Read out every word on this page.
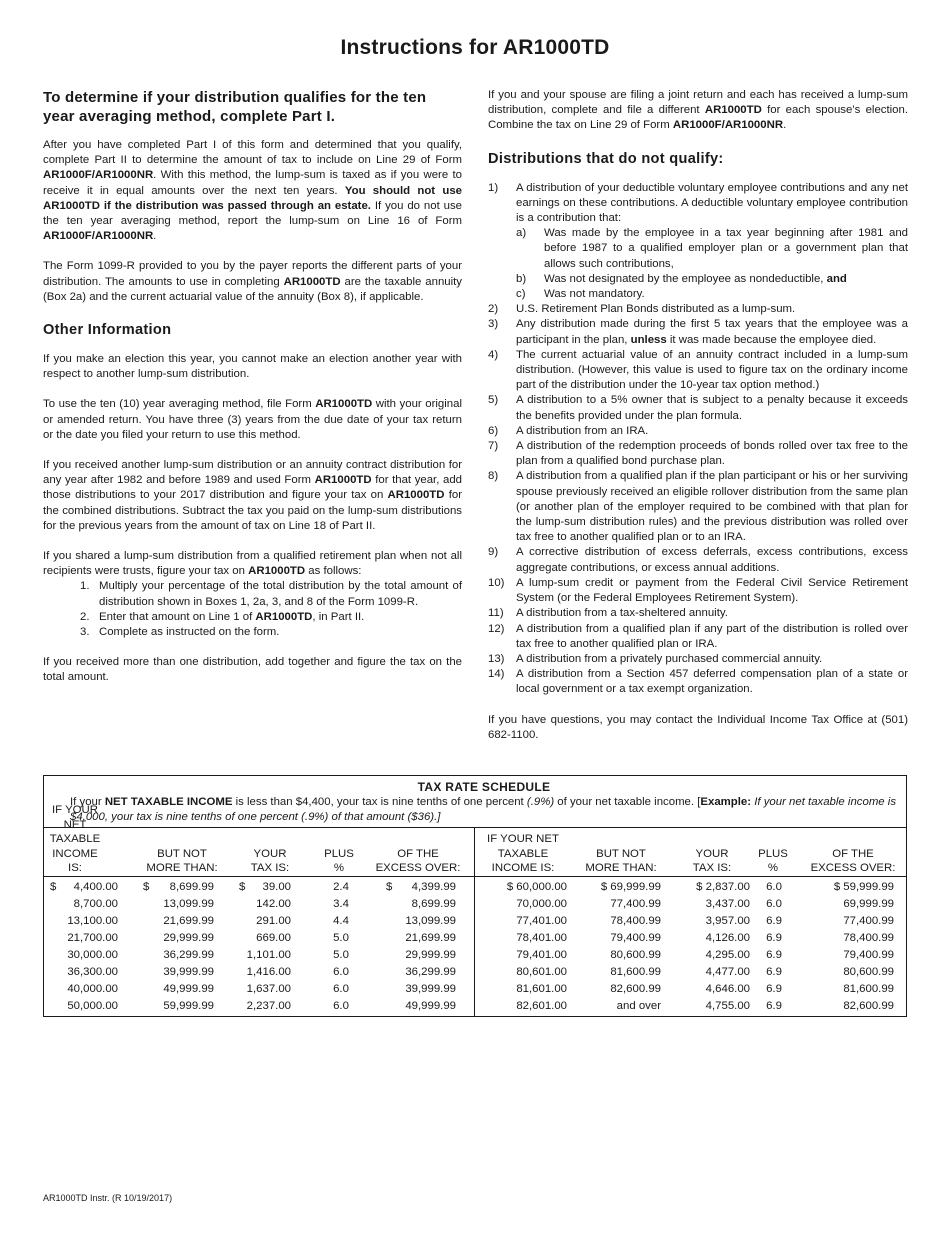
Instructions for AR1000TD
To determine if your distribution qualifies for the ten year averaging method, complete Part I.

After you have completed Part I of this form and determined that you qualify, complete Part II to determine the amount of tax to include on Line 29 of Form AR1000F/AR1000NR. With this method, the lump-sum is taxed as if you were to receive it in equal amounts over the next ten years. You should not use AR1000TD if the distribution was passed through an estate. If you do not use the ten year averaging method, report the lump-sum on Line 16 of Form AR1000F/AR1000NR.

The Form 1099-R provided to you by the payer reports the different parts of your distribution. The amounts to use in completing AR1000TD are the taxable annuity (Box 2a) and the current actuarial value of the annuity (Box 8), if applicable.

Other Information

If you make an election this year, you cannot make an election another year with respect to another lump-sum distribution.

To use the ten (10) year averaging method, file Form AR1000TD with your original or amended return. You have three (3) years from the due date of your tax return or the date you filed your return to use this method.

If you received another lump-sum distribution or an annuity contract distribution for any year after 1982 and before 1989 and used Form AR1000TD for that year, add those distributions to your 2017 distribution and figure your tax on AR1000TD for the combined distributions. Subtract the tax you paid on the lump-sum distributions for the previous years from the amount of tax on Line 18 of Part II.

If you shared a lump-sum distribution from a qualified retirement plan when not all recipients were trusts, figure your tax on AR1000TD as follows:

1. Multiply your percentage of the total distribution by the total amount of distribution shown in Boxes 1, 2a, 3, and 8 of the Form 1099-R.
2. Enter that amount on Line 1 of AR1000TD, in Part II.
3. Complete as instructed on the form.

If you received more than one distribution, add together and figure the tax on the total amount.

If you and your spouse are filing a joint return and each has received a lump-sum distribution, complete and file a different AR1000TD for each spouse’s election. Combine the tax on Line 29 of Form AR1000F/AR1000NR.

Distributions that do not qualify:
1) A distribution of your deductible voluntary employee contributions and any net earnings on these contributions. A deductible voluntary employee contribution is a contribution that:
a) Was made by the employee in a tax year beginning after 1981 and before 1987 to a qualified employer plan or a government plan that allows such contributions,
b) Was not designated by the employee as nondeductible, and
c) Was not mandatory.
2) U.S. Retirement Plan Bonds distributed as a lump-sum.
3) Any distribution made during the first 5 tax years that the employee was a participant in the plan, unless it was made because the employee died.
4) The current actuarial value of an annuity contract included in a lump-sum distribution. (However, this value is used to figure tax on the ordinary income part of the distribution under the 10-year tax option method.)
5) A distribution to a 5% owner that is subject to a penalty because it exceeds the benefits provided under the plan formula.
6) A distribution from an IRA.
7) A distribution of the redemption proceeds of bonds rolled over tax free to the plan from a qualified bond purchase plan.
8) A distribution from a qualified plan if the plan participant or his or her surviving spouse previously received an eligible rollover distribution from the same plan (or another plan of the employer required to be combined with that plan for the lump-sum distribution rules) and the previous distribution was rolled over tax free to another qualified plan or to an IRA.
9) A corrective distribution of excess deferrals, excess contributions, excess aggregate contributions, or excess annual additions.
10) A lump-sum credit or payment from the Federal Civil Service Retirement System (or the Federal Employees Retirement System).
11) A distribution from a tax-sheltered annuity.
12) A distribution from a qualified plan if any part of the distribution is rolled over tax free to another qualified plan or IRA.
13) A distribution from a privately purchased commercial annuity.
14) A distribution from a Section 457 deferred compensation plan of a state or local government or a tax exempt organization.

If you have questions, you may contact the Individual Income Tax Office at (501) 682-1100.

TAX RATE SCHEDULE
If your NET TAXABLE INCOME is less than $4,400, your tax is nine tenths of one percent (.9%) of your net taxable income. [Example: If your net taxable income is $4,000, your tax is nine tenths of one percent (.9%) of that amount ($36).]
IF YOUR NET
TAXABLE
INCOME IS:
BUT NOT
MORE THAN:
YOUR
TAX IS:
PLUS
%
OF THE
EXCESS OVER:
4,400.00	8,699.99	39.00	2.4	4,399.99
$	$	$	$
8,700.00	13,099.99	142.00	3.4	8,699.99
13,100.00	21,699.99	291.00	4.4	13,099.99
21,700.00	29,999.99	669.00	5.0	21,699.99
30,000.00	36,299.99	1,101.00	5.0	29,999.99
36,300.00	39,999.99	1,416.00	6.0	36,299.99
40,000.00	49,999.99	1,637.00	6.0	39,999.99
50,000.00	59,999.99	2,237.00	6.0	49,999.99
IF YOUR NET
TAXABLE
INCOME IS:
BUT NOT
MORE THAN:
YOUR
TAX IS:
PLUS
%
OF THE
EXCESS OVER:
$ 60,000.00	$ 69,999.99	$ 2,837.00	6.0	$ 59,999.99
70,000.00	77,400.99	3,437.00	6.0	69,999.99
77,401.00	78,400.99	3,957.00	6.9	77,400.99
78,401.00	79,400.99	4,126.00	6.9	78,400.99
79,401.00	80,600.99	4,295.00	6.9	79,400.99
80,601.00	81,600.99	4,477.00	6.9	80,600.99
81,601.00	82,600.99	4,646.00	6.9	81,600.99
82,601.00	and over	4,755.00	6.9	82,600.99
AR1000TD Instr. (R 10/19/2017)
